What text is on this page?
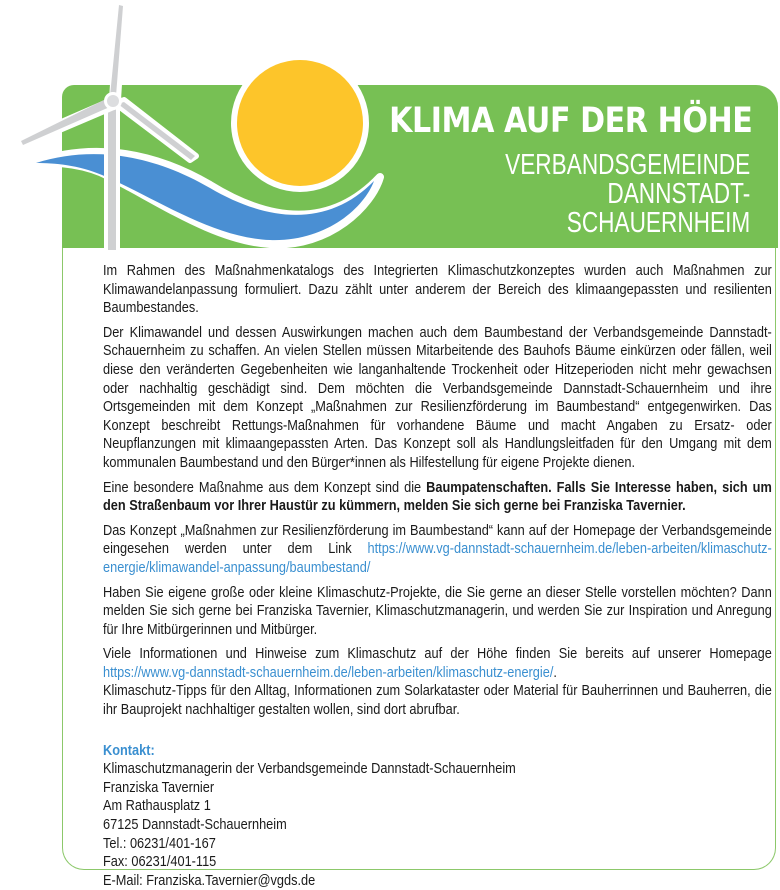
KLIMA AUF DER HÖHE
VERBANDSGEMEINDE
DANNSTADT-
SCHAUERNHEIM

Im Rahmen des Maßnahmenkatalogs des Integrierten Klimaschutzkonzeptes wurden auch Maßnahmen zur Klimawandelanpassung formuliert. Dazu zählt unter anderem der Bereich des klimaangepassten und resilienten Baumbestandes.

Der Klimawandel und dessen Auswirkungen machen auch dem Baumbestand der Verbandsgemeinde Dannstadt-Schauernheim zu schaffen. An vielen Stellen müssen Mitarbeitende des Bauhofs Bäume einkürzen oder fällen, weil diese den veränderten Gegebenheiten wie langanhaltende Trockenheit oder Hitzeperioden nicht mehr gewachsen oder nachhaltig geschädigt sind. Dem möchten die Verbandsgemeinde Dannstadt-Schauernheim und ihre Ortsgemeinden mit dem Konzept „Maßnahmen zur Resilienzförderung im Baumbestand“ entgegenwirken. Das Konzept beschreibt Rettungs-Maßnahmen für vorhandene Bäume und macht Angaben zu Ersatz- oder Neupflanzungen mit klimaangepassten Arten. Das Konzept soll als Handlungsleitfaden für den Umgang mit dem kommunalen Baumbestand und den Bürger*innen als Hilfestellung für eigene Projekte dienen.

Eine besondere Maßnahme aus dem Konzept sind die Baumpatenschaften. Falls Sie Interesse haben, sich um den Straßenbaum vor Ihrer Haustür zu kümmern, melden Sie sich gerne bei Franziska Tavernier.

Das Konzept „Maßnahmen zur Resilienzförderung im Baumbestand“ kann auf der Homepage der Verbandsgemeinde eingesehen werden unter dem Link https://www.vg-dannstadt-schauernheim.de/leben-arbeiten/klimaschutz-energie/klimawandel-anpassung/baumbestand/

Haben Sie eigene große oder kleine Klimaschutz-Projekte, die Sie gerne an dieser Stelle vorstellen möchten? Dann melden Sie sich gerne bei Franziska Tavernier, Klimaschutzmanagerin, und werden Sie zur Inspiration und Anregung für Ihre Mitbürgerinnen und Mitbürger.

Viele Informationen und Hinweise zum Klimaschutz auf der Höhe finden Sie bereits auf unserer Homepage https://www.vg-dannstadt-schauernheim.de/leben-arbeiten/klimaschutz-energie/.

Klimaschutz-Tipps für den Alltag, Informationen zum Solarkataster oder Material für Bauherrinnen und Bauherren, die ihr Bauprojekt nachhaltiger gestalten wollen, sind dort abrufbar.

Kontakt:
Klimaschutzmanagerin der Verbandsgemeinde Dannstadt-Schauernheim
Franziska Tavernier
Am Rathausplatz 1
67125 Dannstadt-Schauernheim
Tel.: 06231/401-167
Fax: 06231/401-115
E-Mail: Franziska.Tavernier@vgds.de
